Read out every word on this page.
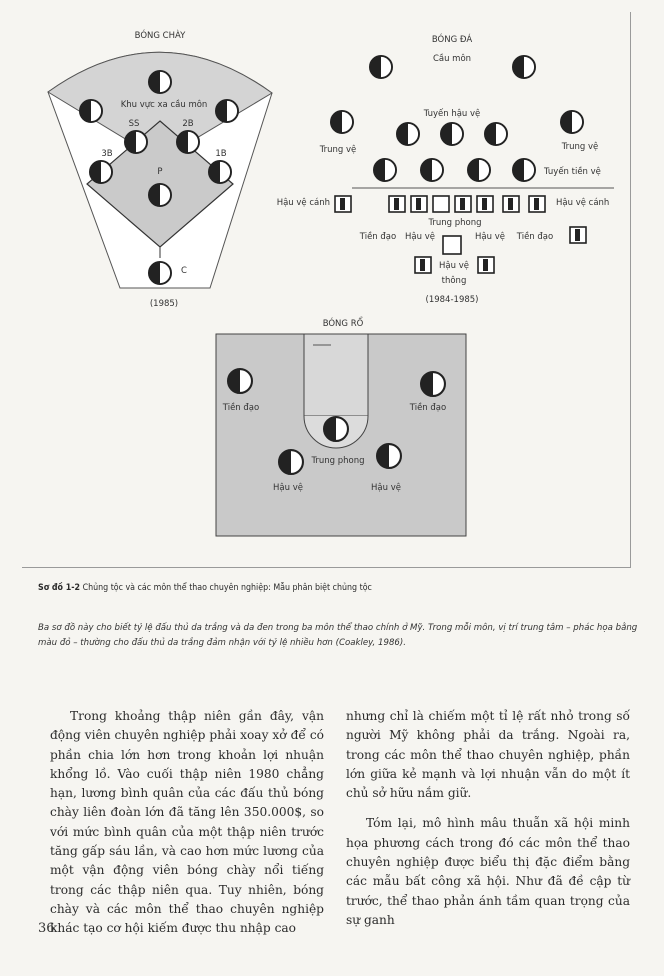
BÓNG CHÀY
Khu vực xa cầu môn
SS	2B
3B	1B
P
C
(1985)
BÓNG ĐÁ
Cầu môn
Tuyến hậu vệ
Trung vệ	Trung vệ
Tuyến tiền vệ
Hậu vệ cánh	Hậu vệ cánh
Trung phong
Tiền đạo Hậu vệ	Hậu vệ Tiền đạo
Hậu vệ
thông
(1984-1985)
BÓNG RỔ
Tiền đạo	Tiền đạo
Trung phong
Hậu vệ	Hậu vệ
Sơ đồ 1-2 Chủng tộc và các môn thể thao chuyên nghiệp: Mẫu phân biệt chủng tộc
Ba sơ đồ này cho biết tỷ lệ đấu thủ da trắng và da đen trong ba môn thể thao chính ở Mỹ. Trong mỗi môn, vị trí trung tâm – phác họa bằng màu đỏ – thường cho đấu thủ da trắng đảm nhận với tỷ lệ nhiều hơn (Coakley, 1986).

Trong khoảng thập niên gần đây, vận động viên chuyên nghiệp phải xoay xở để có phần chia lớn hơn trong khoản lợi nhuận khổng lồ. Vào cuối thập niên 1980 chẳng hạn, lương bình quân của các đấu thủ bóng chày liên đoàn lớn đã tăng lên 350.000$, so với mức bình quân của một thập niên trước tăng gấp sáu lần, và cao hơn mức lương của một vận động viên bóng chày nổi tiếng trong các thập niên qua. Tuy nhiên, bóng chày và các môn thể thao chuyên nghiệp khác tạo cơ hội kiếm được thu nhập cao

nhưng chỉ là chiếm một tỉ lệ rất nhỏ trong số người Mỹ không phải da trắng. Ngoài ra, trong các môn thể thao chuyên nghiệp, phần lớn giữa kẻ mạnh và lợi nhuận vẫn do một ít chủ sở hữu nắm giữ.

Tóm lại, mô hình mâu thuẫn xã hội minh họa phương cách trong đó các môn thể thao chuyên nghiệp được biểu thị đặc điểm bằng các mẫu bất công xã hội. Như đã đề cập từ trước, thể thao phản ánh tầm quan trọng của sự ganh

36
